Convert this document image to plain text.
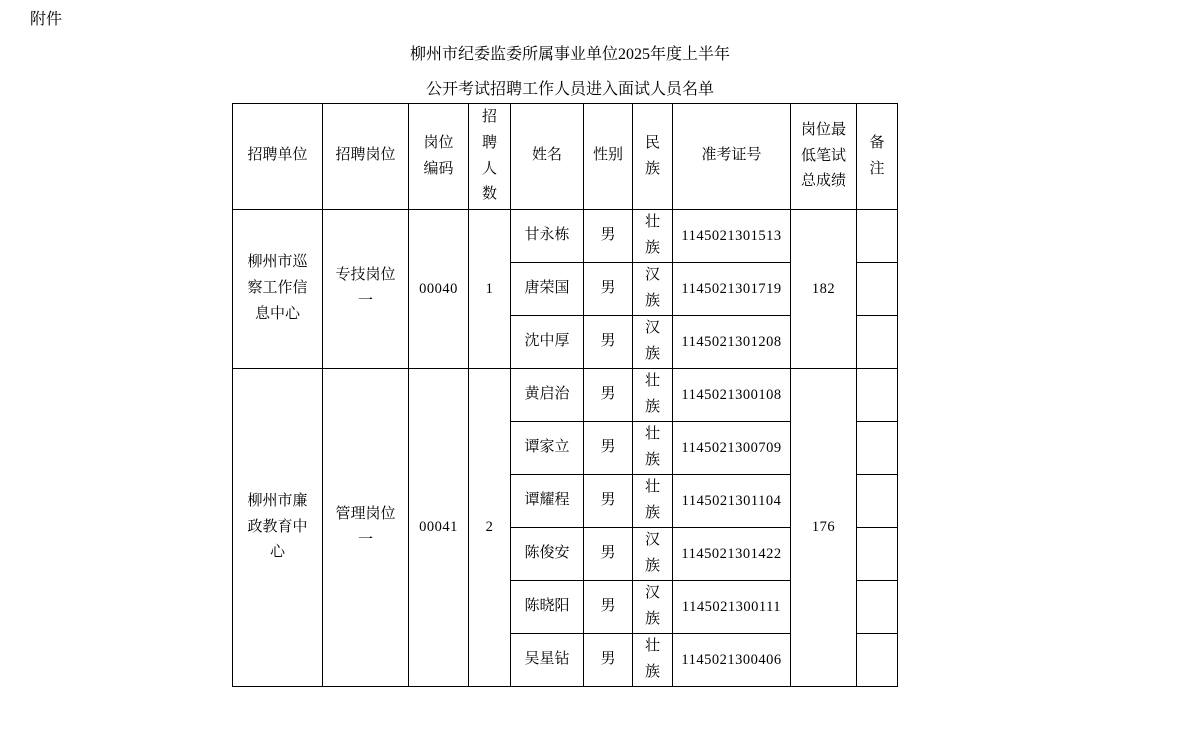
附件
柳州市纪委监委所属事业单位2025年度上半年
公开考试招聘工作人员进入面试人员名单
招聘单位	招聘岗位	岗位编码	招聘人数	姓名	性别	民族	准考证号	岗位最低笔试总成绩	备注
柳州市巡察工作信息中心	专技岗位一	00040	1	甘永栋	男	壮族	1145021301513	182	
				唐荣国	男	汉族	1145021301719		
				沈中厚	男	汉族	1145021301208		
柳州市廉政教育中心	管理岗位一	00041	2	黄启治	男	壮族	1145021300108	176	
				谭家立	男	壮族	1145021300709		
				谭耀程	男	壮族	1145021301104		
				陈俊安	男	汉族	1145021301422		
				陈晓阳	男	汉族	1145021300111		
				吴星钻	男	壮族	1145021300406		
